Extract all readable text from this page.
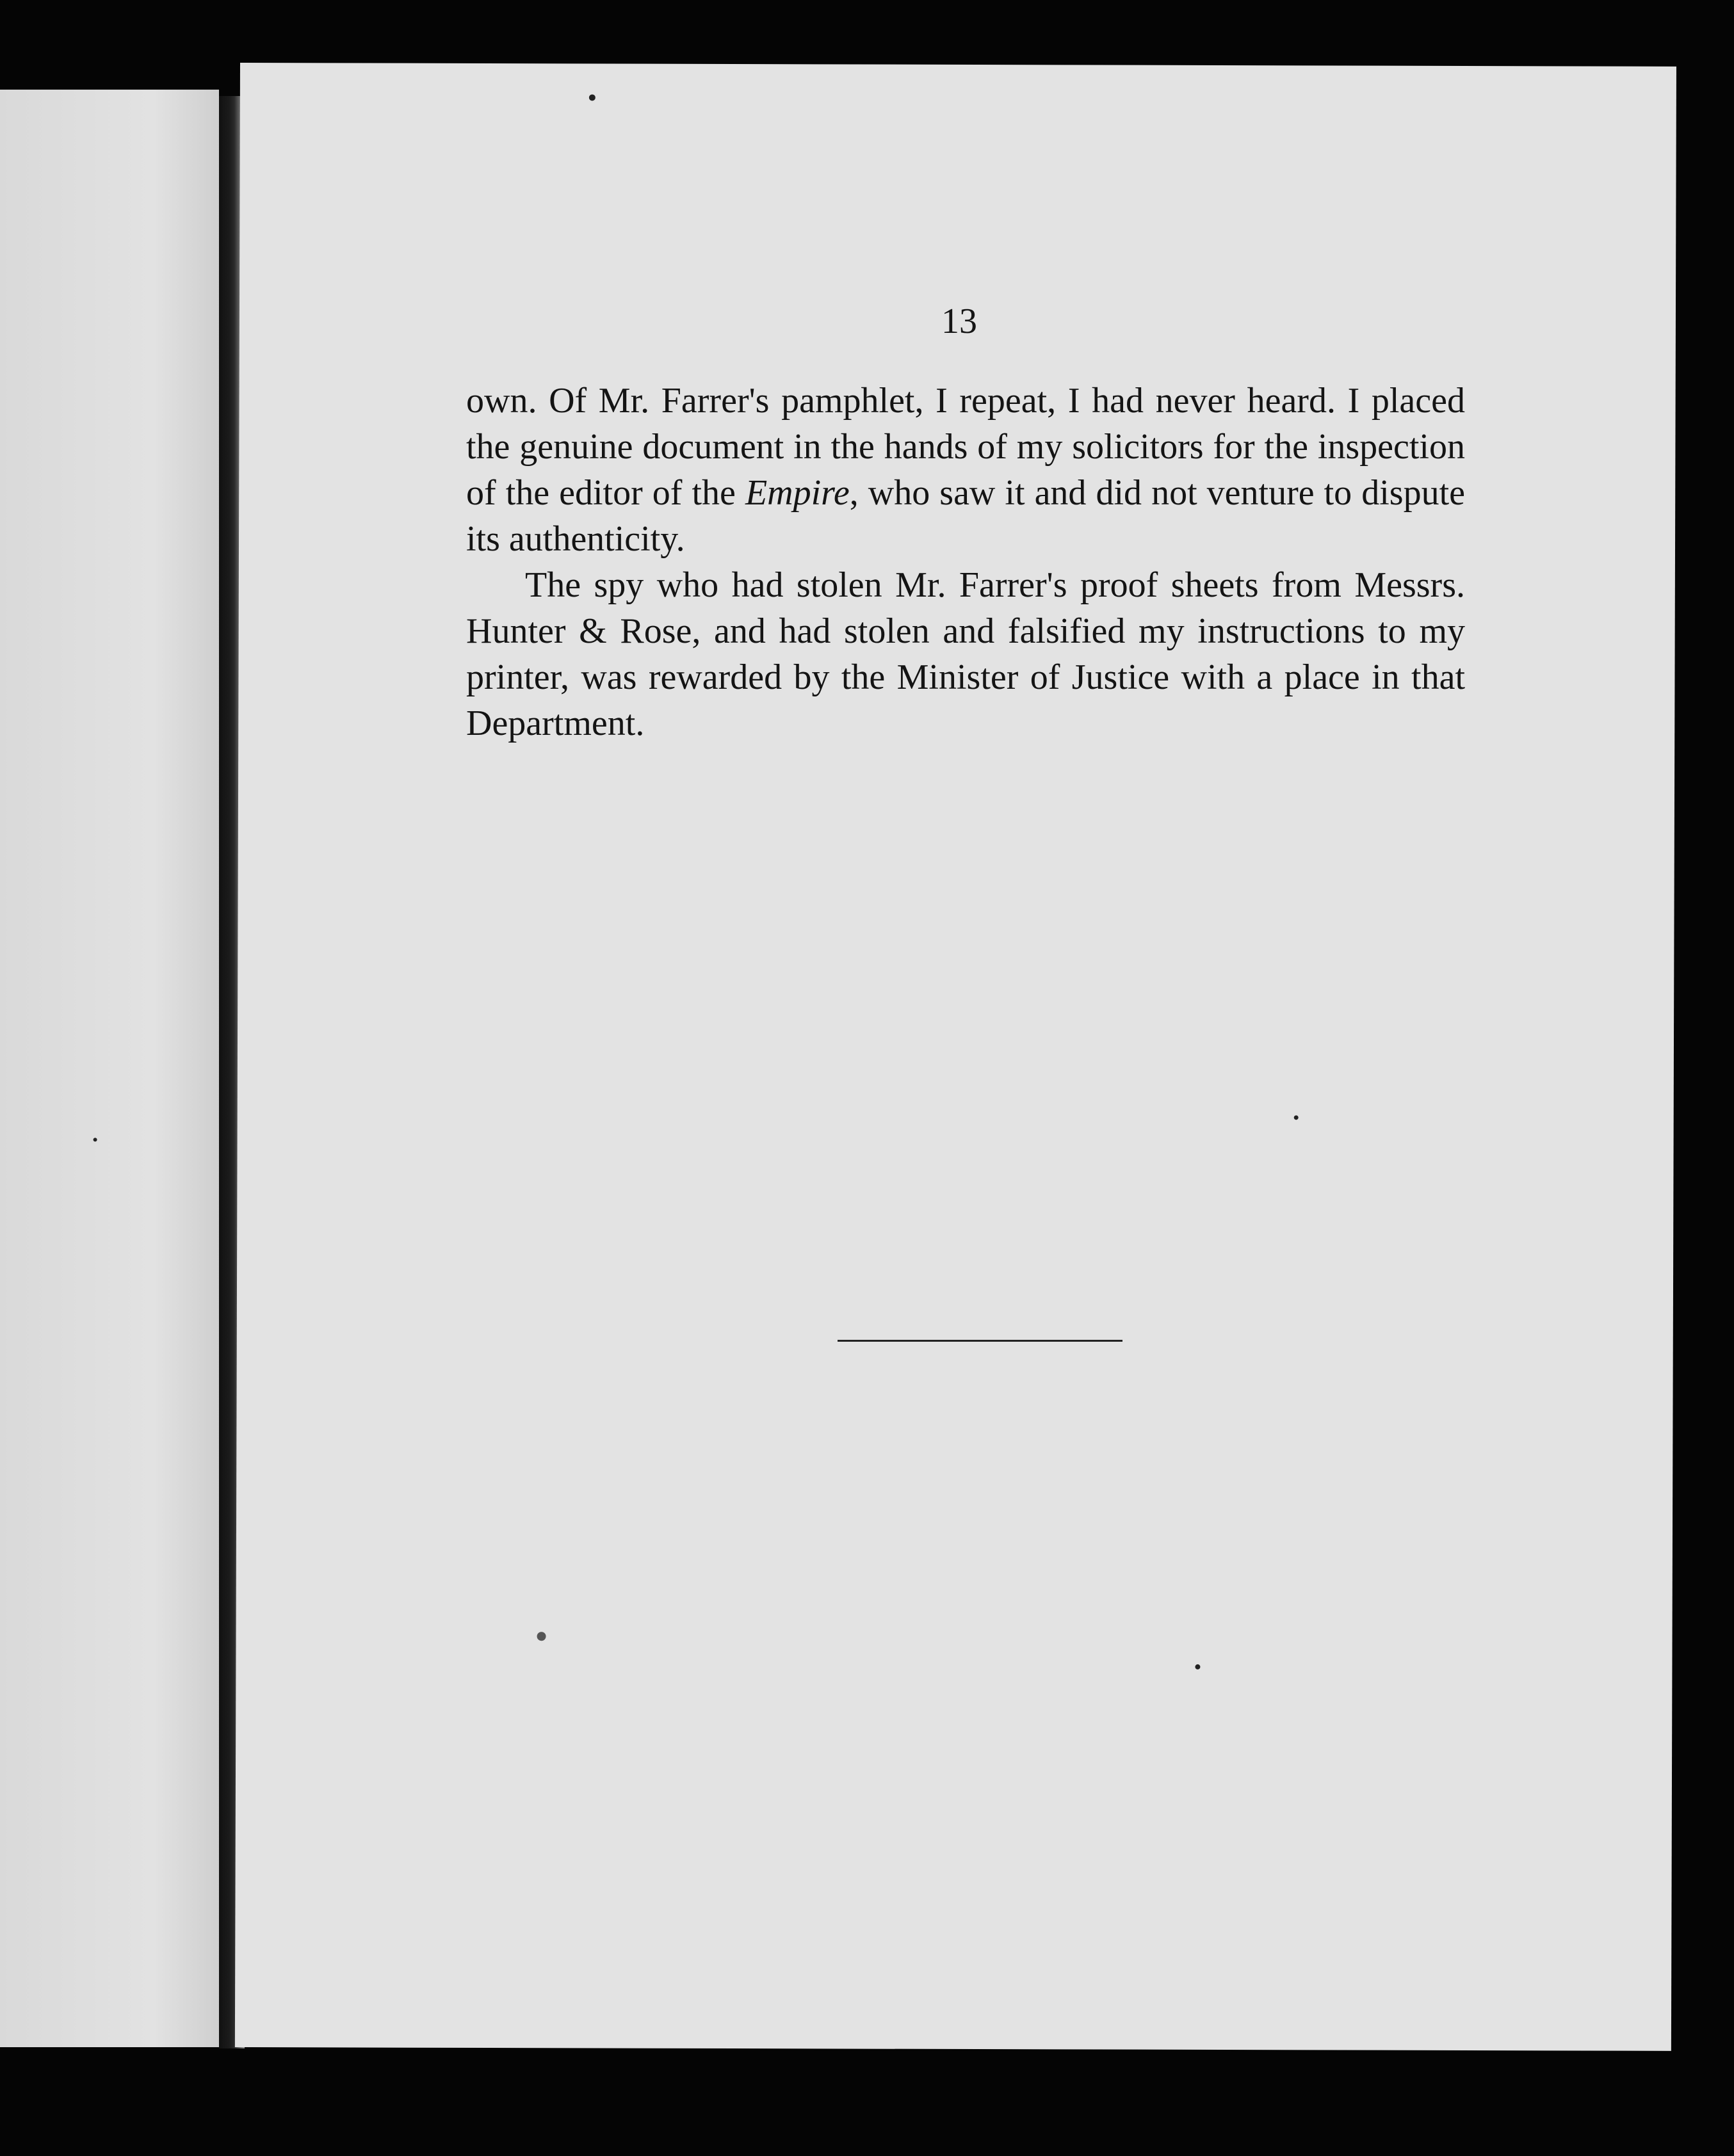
13

own. Of Mr. Farrer's pamphlet, I repeat, I had never heard. I placed the genuine document in the hands of my solicitors for the inspection of the editor of the Empire, who saw it and did not venture to dispute its authenticity.

The spy who had stolen Mr. Farrer's proof sheets from Messrs. Hunter & Rose, and had stolen and falsified my instructions to my printer, was rewarded by the Minister of Justice with a place in that Department.
